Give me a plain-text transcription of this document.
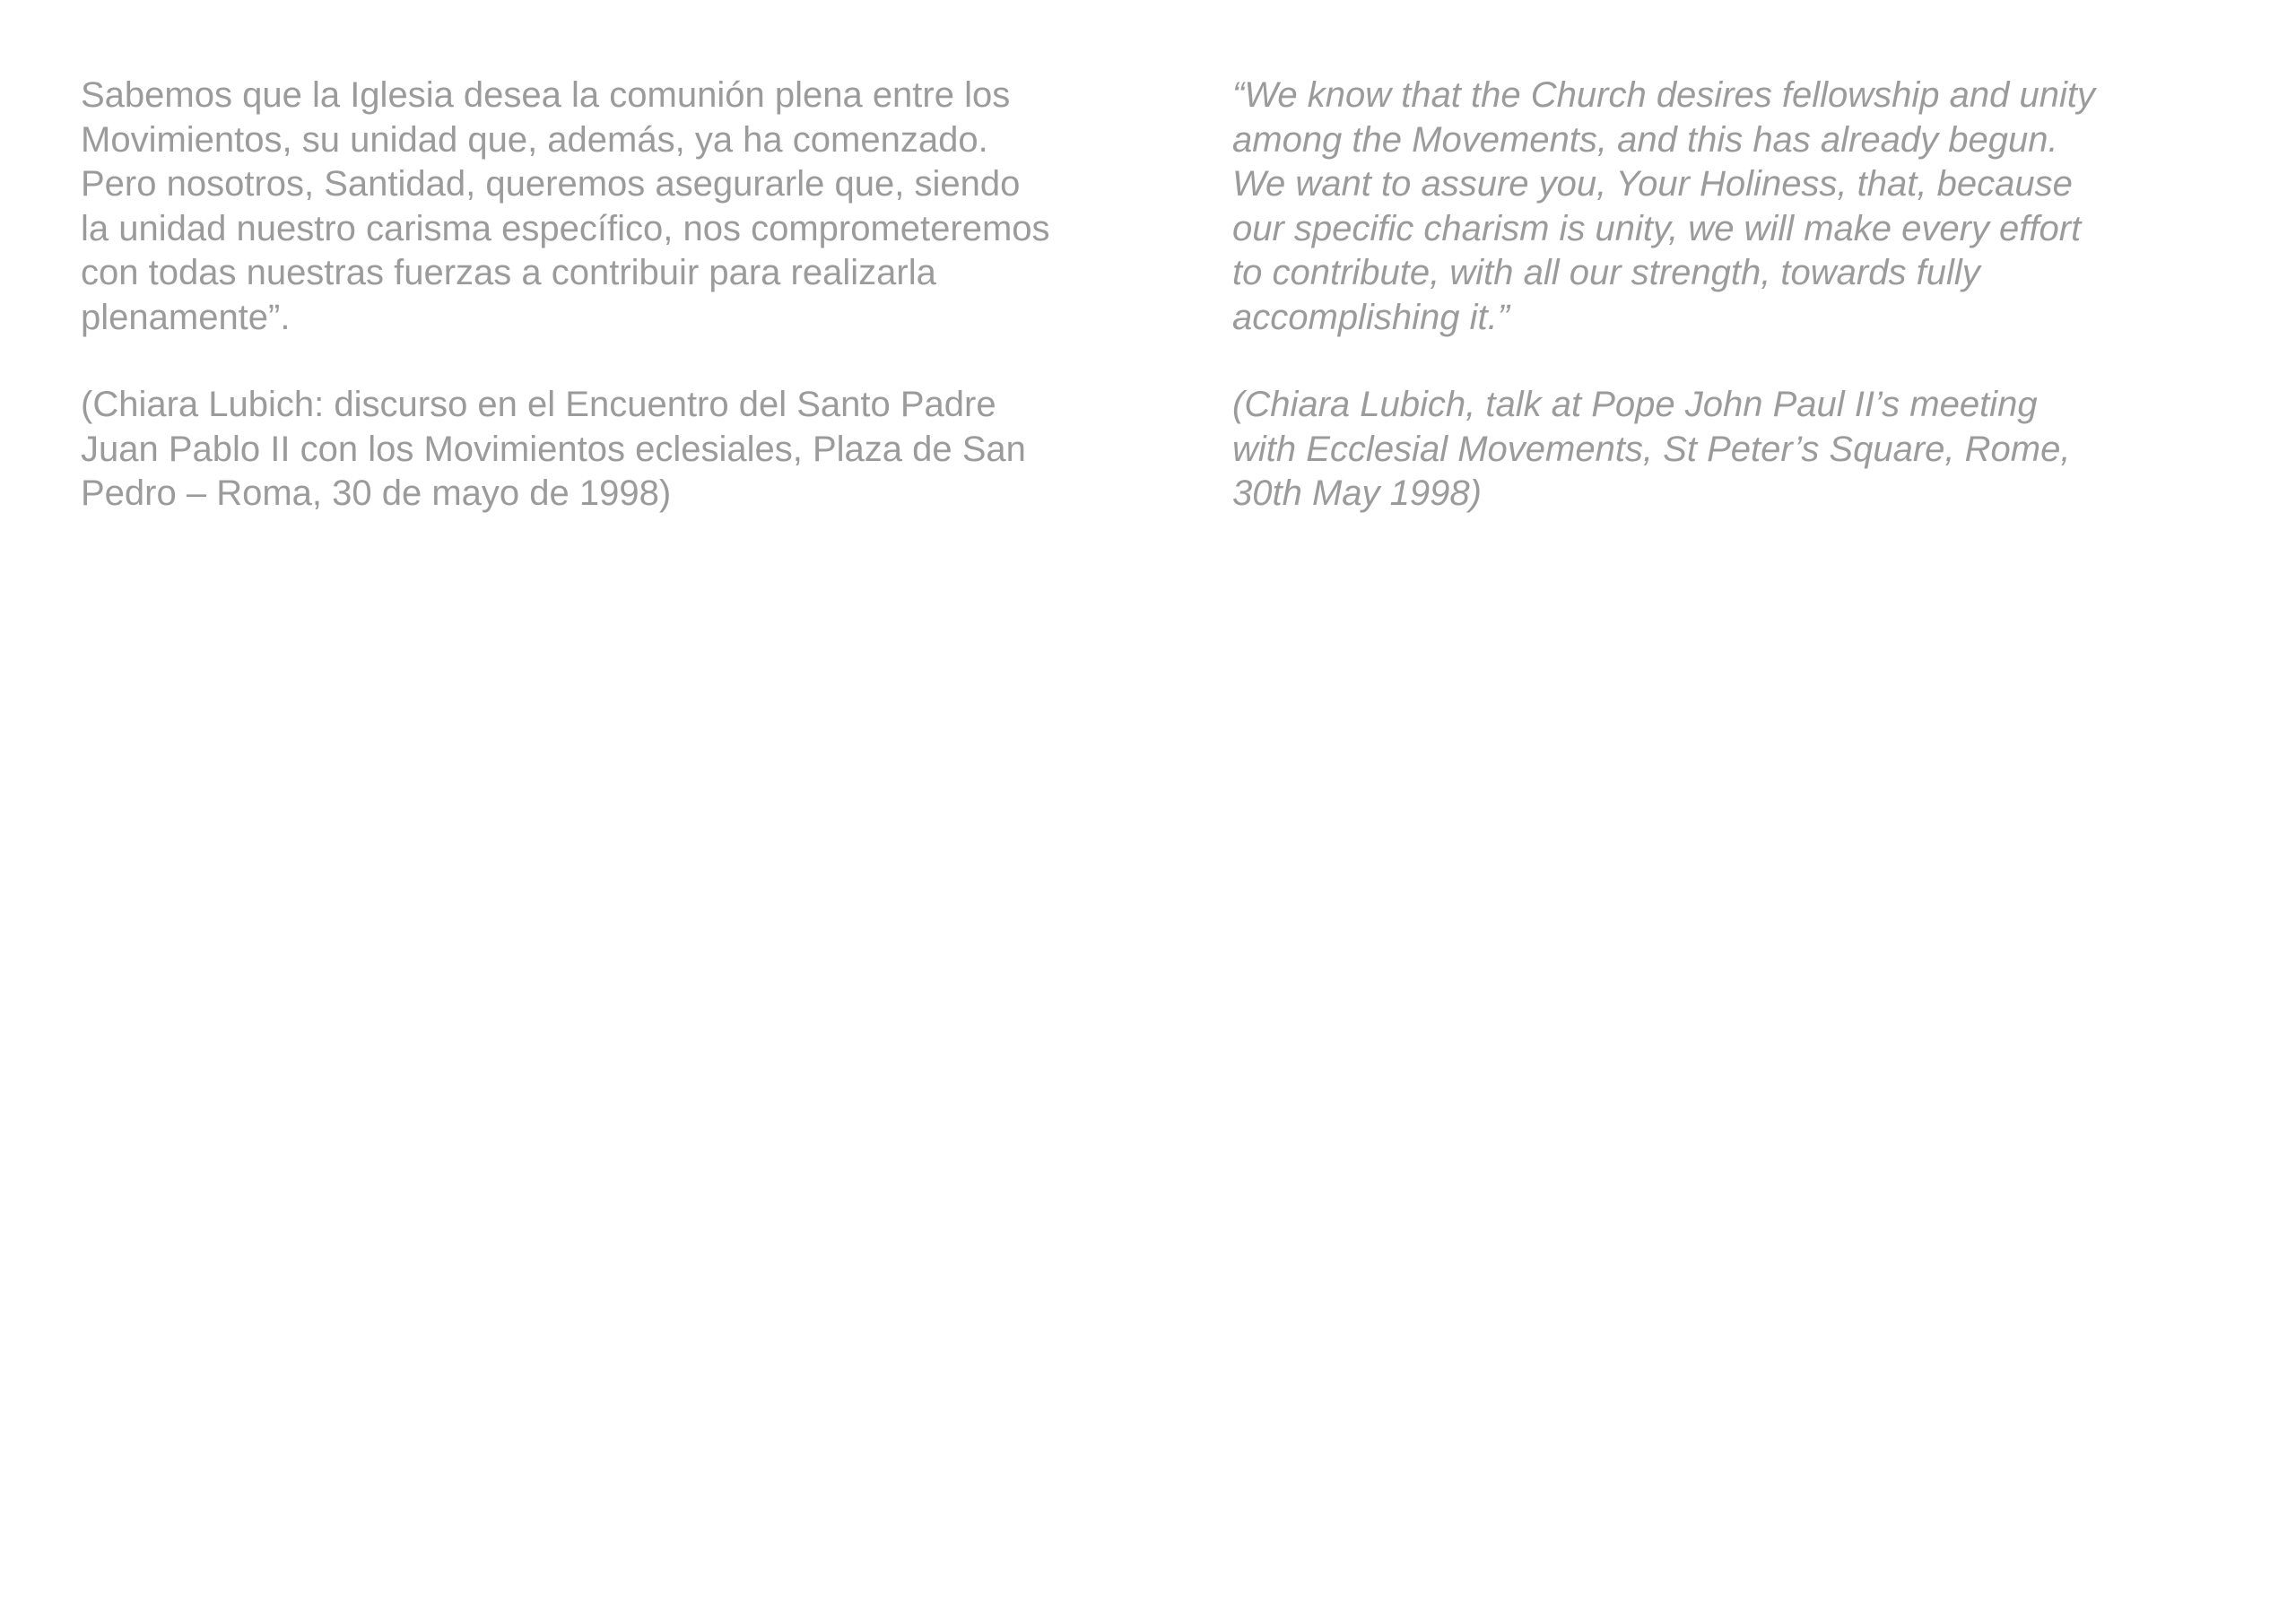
Sabemos que la Iglesia desea la comunión plena entre los
Movimientos, su unidad que, además, ya ha comenzado.
Pero nosotros, Santidad, queremos asegurarle que, siendo
la unidad nuestro carisma específico, nos comprometeremos
con todas nuestras fuerzas a contribuir para realizarla
plenamente”.

(Chiara Lubich: discurso en el Encuentro del Santo Padre
Juan Pablo II con los Movimientos eclesiales, Plaza de San
Pedro – Roma, 30 de mayo de 1998)

“We know that the Church desires fellowship and unity
among the Movements, and this has already begun.
We want to assure you, Your Holiness, that, because
our specific charism is unity, we will make every effort
to contribute, with all our strength, towards fully
accomplishing it.”

(Chiara Lubich, talk at Pope John Paul II’s meeting
with Ecclesial Movements, St Peter’s Square, Rome,
30th May 1998)
